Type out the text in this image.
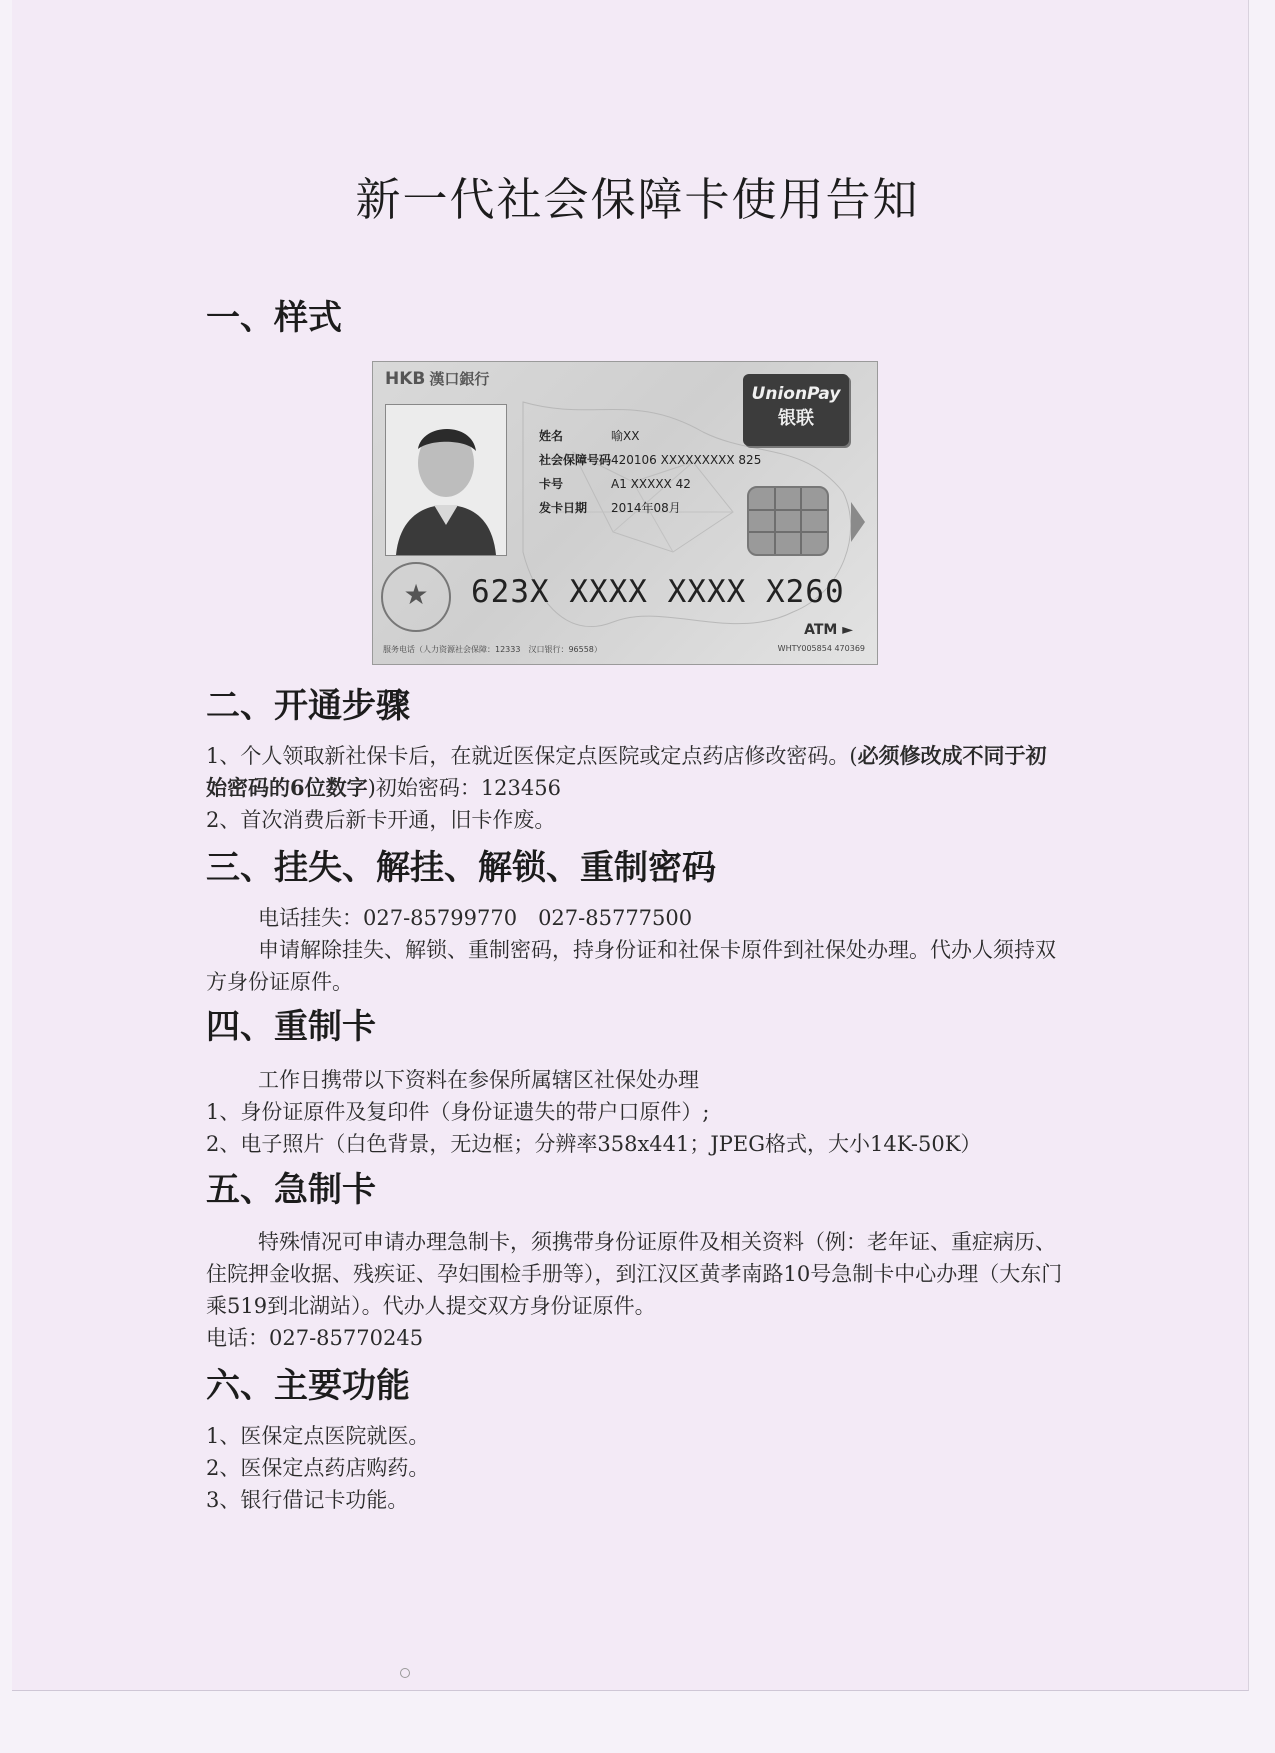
新一代社会保障卡使用告知
一、样式
HKB 漢口銀行
UnionPay
银联
姓名	喻XX
社会保障号码420106 XXXXXXXXX 825
卡号	A1 XXXXX 42
发卡日期 2014年08月
★	623X XXXX XXXX X260
ATM ►
服务电话（人力资源社会保障：12333　汉口银行：96558）	WHTY005854 470369
二、开通步骤

1、个人领取新社保卡后，在就近医保定点医院或定点药店修改密码。(必须修改成不同于初始密码的6位数字)初始密码：123456

2、首次消费后新卡开通，旧卡作废。

三、挂失、解挂、解锁、重制密码

电话挂失：027-85799770　027-85777500

申请解除挂失、解锁、重制密码，持身份证和社保卡原件到社保处办理。代办人须持双方身份证原件。

四、重制卡

工作日携带以下资料在参保所属辖区社保处办理

1、身份证原件及复印件（身份证遗失的带户口原件）;

2、电子照片（白色背景，无边框；分辨率358x441；JPEG格式，大小14K-50K）

五、急制卡

特殊情况可申请办理急制卡，须携带身份证原件及相关资料（例：老年证、重症病历、住院押金收据、残疾证、孕妇围检手册等），到江汉区黄孝南路10号急制卡中心办理（大东门乘519到北湖站）。代办人提交双方身份证原件。

电话：027-85770245

六、主要功能

1、医保定点医院就医。

2、医保定点药店购药。

3、银行借记卡功能。
